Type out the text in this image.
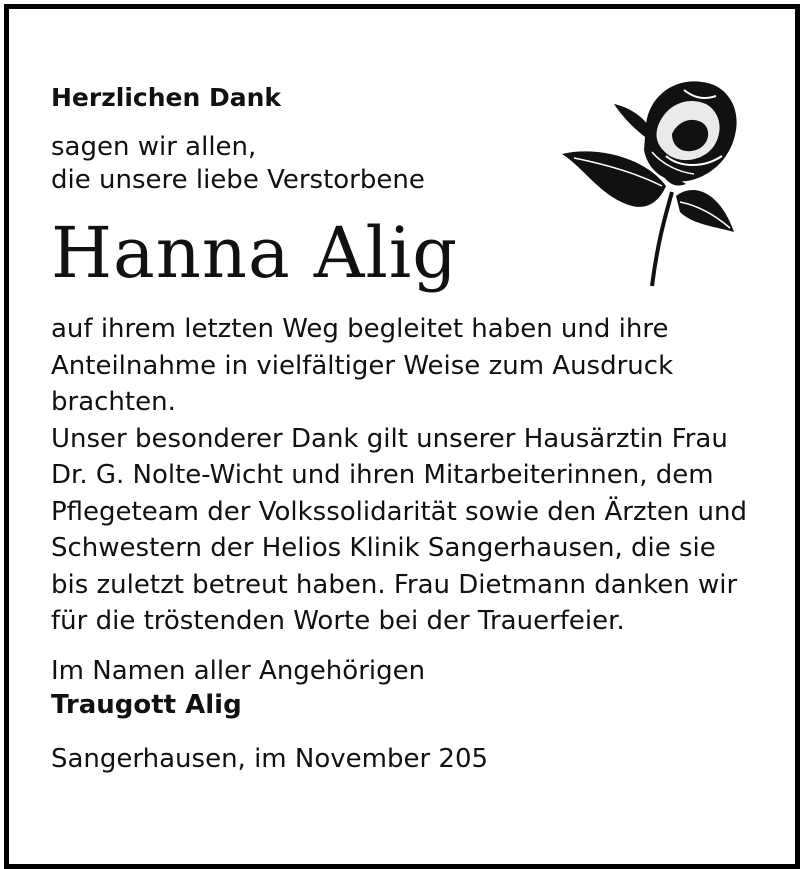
Herzlichen Dank
sagen wir allen,
die unsere liebe Verstorbene
Hanna Alig
auf ihrem letzten Weg begleitet haben und ihre
Anteilnahme in vielfältiger Weise zum Ausdruck
brachten.
Unser besonderer Dank gilt unserer Hausärztin Frau
Dr. G. Nolte-Wicht und ihren Mitarbeiterinnen, dem
Pflegeteam der Volkssolidarität sowie den Ärzten und
Schwestern der Helios Klinik Sangerhausen, die sie
bis zuletzt betreut haben. Frau Dietmann danken wir
für die tröstenden Worte bei der Trauerfeier.
Im Namen aller Angehörigen
Traugott Alig
Sangerhausen, im November 205
